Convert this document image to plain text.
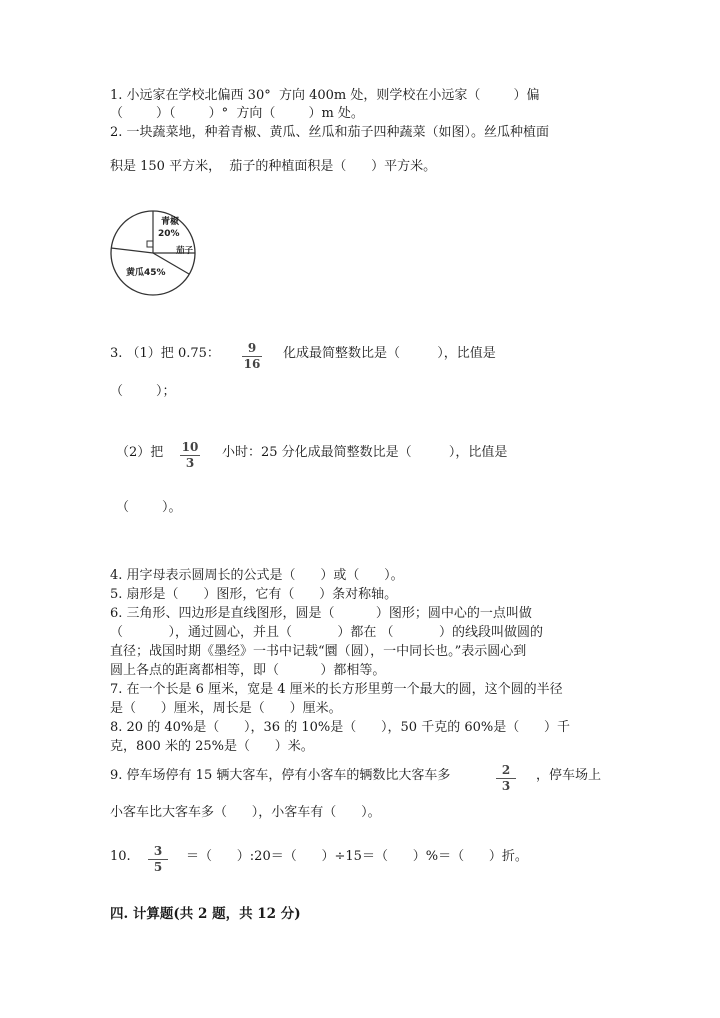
1. 小远家在学校北偏西 30°  方向 400m 处，则学校在小远家（        ）偏
（        ）（        ）°  方向（        ）m 处。
2. 一块蔬菜地，种着青椒、黄瓜、丝瓜和茄子四种蔬菜（如图）。丝瓜种植面
积是 150 平方米，  茄子的种植面积是（      ）平方米。
青椒
20%
茄子
黄瓜45%
3. （1）把 0.75：	9
16
化成最简整数比是（         ），比值是
（        ）；
（2）把	10
3
小时：25 分化成最简整数比是（         ），比值是
（        ）。
4. 用字母表示圆周长的公式是（      ）或（      ）。
5. 扇形是（      ）图形，它有（      ）条对称轴。
6. 三角形、四边形是直线图形，圆是（          ）图形；圆中心的一点叫做
（           ），通过圆心，并且（           ）都在 （           ）的线段叫做圆的
直径；战国时期《墨经》一书中记载“圜（圆），一中同长也。”表示圆心到
圆上各点的距离都相等，即（          ）都相等。
7. 在一个长是 6 厘米，宽是 4 厘米的长方形里剪一个最大的圆，这个圆的半径
是（      ）厘米，周长是（      ）厘米。
8. 20 的 40%是（      ），36 的 10%是（      ），50 千克的 60%是（      ）千
克，800 米的 25%是（      ）米。
9. 停车场停有 15 辆大客车，停有小客车的辆数比大客车多	2
3
，停车场上
小客车比大客车多（      ），小客车有（      ）。
10.	3
5
＝（      ）:20＝（      ）÷15＝（      ）%＝（      ）折。
四. 计算题(共 2 题，共 12 分)
